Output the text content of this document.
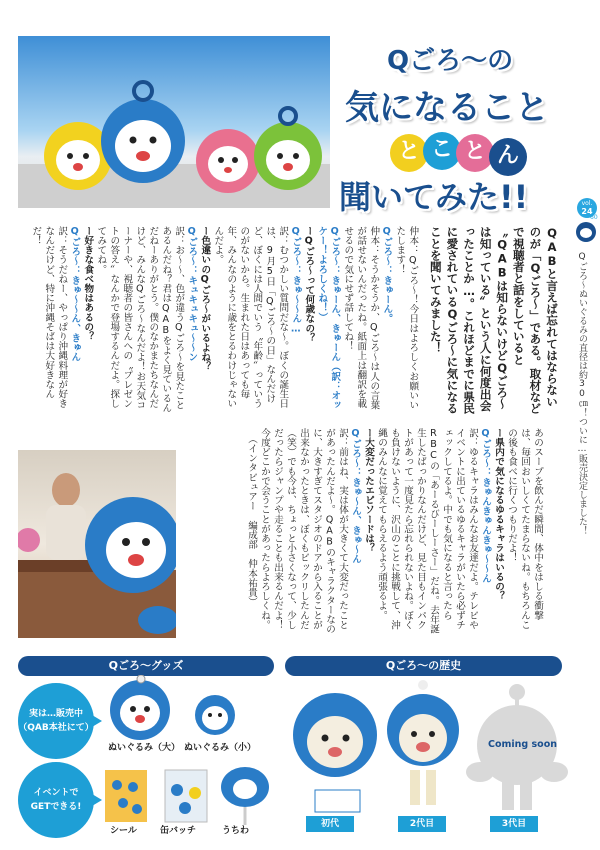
Qごろ〜の
気になること
と こ と ん
聞いてみた!!	vol.
24
60
Qごろ〜ぬいぐるみの直径は約30㎝！ついに…販売決定しました！

QABと言えば忘れてはならないのが「Qごろ〜」である。取材などで視聴者と話をしていると〝QABは知らないけどQごろ〜は知っている〟という人に何度出会ったことか…。これほどまでに県民に愛されているQごろ〜に気になることを聞いてみました！

仲本：Qごろ〜！今日はよろしくお願いいたします！

Qごろ〜：きゅーん。

仲本：そうかそうか、Qごろ〜は人の言葉が話せないんだったね。紙面上は翻訳を載せるので気にせず話してね！

Qごろ〜：きゅーん、きゅーん（訳：オッケー！よろしくね！）

ーQごろ〜って何歳なの？

Qごろ〜：きゅ〜〜ん…

訳：むつかしい質問だな〜。ぼくの誕生日は、9月5日「Qごろ〜の日」なんだけど、ぼくには人間でいう〝年齢〟っていうのがないから。生まれた日はあっても毎年、みんなのように歳をとるわけじゃないんだよ。

ー色違いのQごろ〜がいるよね？

Qごろ〜：キュキュキュ〜〜ン

訳：お〜〜、色が違うQごろ〜を見たことあるんだね？君はQABをよく見ているんだねーありがとう。僕のなかまたちなんだけど、みんなQごろ〜なんだよ！お天気コーナーや、視聴者の皆さんへの〝プレゼントの答え〟なんかで登場するんだよ。探してみてね。

ー好きな食べ物はあるの？

Qごろ〜：きゅ〜〜ん、きゅん

訳：そうだねー、やっぱり沖縄料理が好きなんだけど、特に沖縄そばは大好きなんだ！

あのスープを飲んだ瞬間、体中をはしる衝撃は、毎回おいしくてたまらないね。もちろんこの後も食べに行くつもりだよ！

ー県内で気になるゆるキャラはいるの？

Qごろ〜：きゅんきゅんきゅ〜〜ん

訳：ゆるキャラはみんなお友達だよ。テレビやイベントに出ているゆるキャラがいたら必ずチェックしてるよ。中でも気になると言ったらRBCの「あーるびーしーさー」だね。去年誕生したばっかりなんだけど、見た目もインパクトがあって一度見たら忘れられないよね。ぼくも負けないように、沢山のことに挑戦して、沖縄のみんなに覚えてもらえるよう頑張るよ。

ー大変だったエピソードは？

Qごろ〜：きゅ〜ん、きゅ〜ん

訳：前はね、実は体が大きくて大変だったことがあったんだよ〜。QABのキャラクターなのに、大きすぎてスタジオのドアから入ることが出来なかったときは、ぼくもビックリしたんだ（笑）でも今は、ちょっと小さくなって、少しだったらジャンプや走ることも出来るんだよ！今度どこかで会うことがあったらよろしくね。

（インタビュアー　編成部　仲本祐貴）

Qごろ〜グッズ
実は…販売中
（QAB本社にて）
イベントで
GETできる!
ぬいぐるみ（大） ぬいぐるみ（小）
シール	缶バッチ	うちわ
Qごろ〜の歴史
Coming soon
初代	2代目	3代目
